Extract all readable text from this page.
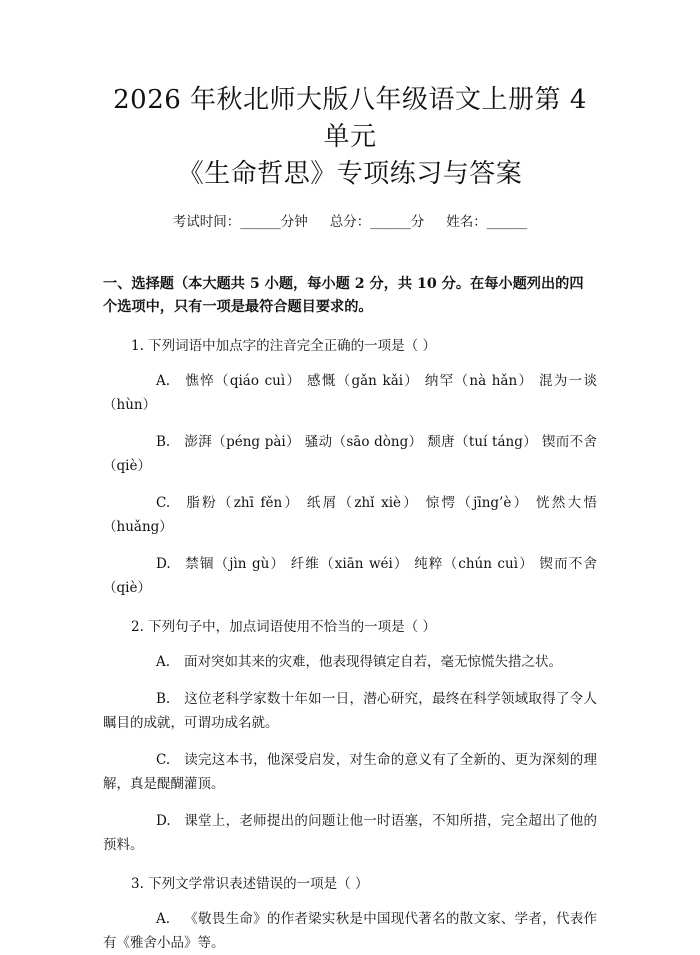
2026 年秋北师大版八年级语文上册第 4 单元
《生命哲思》专项练习与答案
考试时间：______分钟 总分：______分 姓名：______
一、选择题（本大题共 5 小题，每小题 2 分，共 10 分。在每小题列出的四个选项中，只有一项是最符合题目要求的。
1. 下列词语中加点字的注音完全正确的一项是（ ）
A. 憔悴（qiáo cuì） 感慨（gǎn kǎi） 纳罕（nà hǎn） 混为一谈（hùn）
B. 澎湃（péng pài） 骚动（sāo dòng） 颓唐（tuí táng） 锲而不舍（qiè）
C. 脂粉（zhī fěn） 纸屑（zhǐ xiè） 惊愕（jīng’è） 恍然大悟（huǎng）
D. 禁锢（jìn gù） 纤维（xiān wéi） 纯粹（chún cuì） 锲而不舍（qiè）
2. 下列句子中，加点词语使用不恰当的一项是（ ）
A. 面对突如其来的灾难，他表现得镇定自若，毫无惊慌失措之状。
B. 这位老科学家数十年如一日，潜心研究，最终在科学领域取得了令人瞩目的成就，可谓功成名就。
C. 读完这本书，他深受启发，对生命的意义有了全新的、更为深刻的理解，真是醍醐灌顶。
D. 课堂上，老师提出的问题让他一时语塞，不知所措，完全超出了他的预料。
3. 下列文学常识表述错误的一项是（ ）
A. 《敬畏生命》的作者梁实秋是中国现代著名的散文家、学者，代表作有《雅舍小品》等。
